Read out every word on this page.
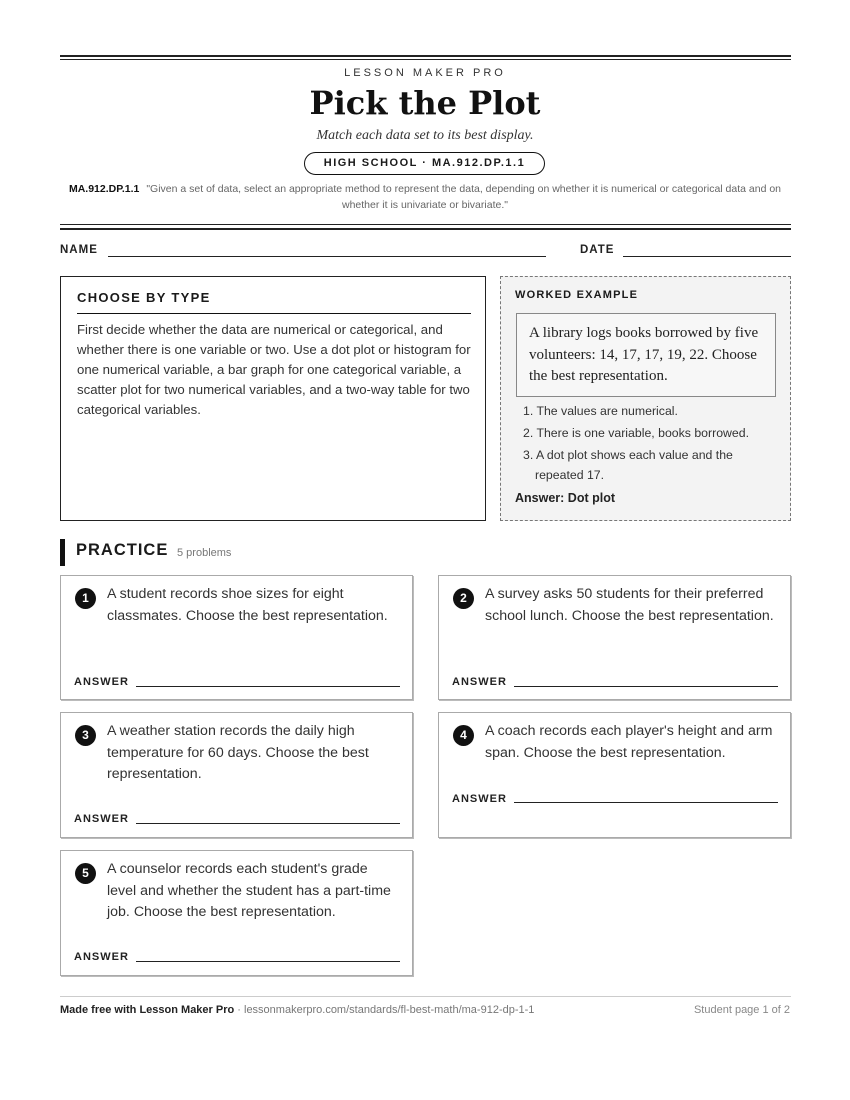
LESSON MAKER PRO
Pick the Plot
Match each data set to its best display.
HIGH SCHOOL · MA.912.DP.1.1
MA.912.DP.1.1 "Given a set of data, select an appropriate method to represent the data, depending on whether it is numerical or categorical data and on whether it is univariate or bivariate."
NAME	DATE
CHOOSE BY TYPE
First decide whether the data are numerical or categorical, and whether there is one variable or two. Use a dot plot or histogram for one numerical variable, a bar graph for one categorical variable, a scatter plot for two numerical variables, and a two-way table for two categorical variables.
WORKED EXAMPLE
A library logs books borrowed by five volunteers: 14, 17, 17, 19, 22. Choose the best representation.
1. The values are numerical.
2. There is one variable, books borrowed.
3. A dot plot shows each value and the repeated 17.
Answer: Dot plot
PRACTICE 5 problems
1	A student records shoe sizes for eight classmates. Choose the best representation.
ANSWER
2	A survey asks 50 students for their preferred school lunch. Choose the best representation.
ANSWER
3	A weather station records the daily high temperature for 60 days. Choose the best representation.
ANSWER
4	A coach records each player's height and arm span. Choose the best representation.
ANSWER
5	A counselor records each student's grade level and whether the student has a part-time job. Choose the best representation.
ANSWER
Made free with Lesson Maker Pro · lessonmakerpro.com/standards/fl-best-math/ma-912-dp-1-1	Student page 1 of 2
